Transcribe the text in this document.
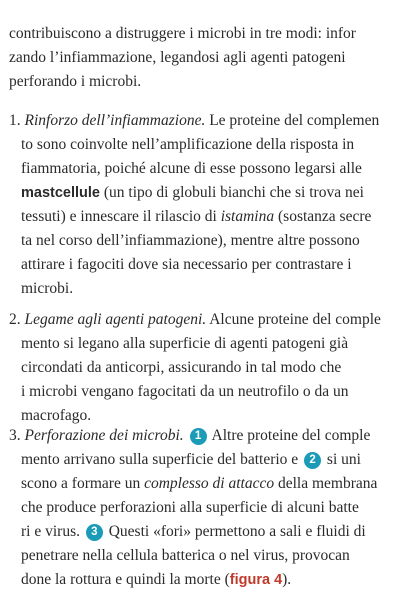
contribuiscono a distruggere i microbi in tre modi: infor
zando l’infiammazione, legandosi agli agenti patogeni
perforando i microbi.
1. Rinforzo dell’infiammazione. Le proteine del complemen
to sono coinvolte nell’amplificazione della risposta in
fiammatoria, poiché alcune di esse possono legarsi alle
mastcellule (un tipo di globuli bianchi che si trova nei
tessuti) e innescare il rilascio di istamina (sostanza secre
ta nel corso dell’infiammazione), mentre altre possono
attirare i fagociti dove sia necessario per contrastare i
microbi.
2. Legame agli agenti patogeni. Alcune proteine del comple
mento si legano alla superficie di agenti patogeni già
circondati da anticorpi, assicurando in tal modo che
i microbi vengano fagocitati da un neutrofilo o da un
macrofago.
3. Perforazione dei microbi. 1 Altre proteine del comple
mento arrivano sulla superficie del batterio e 2 si uni
scono a formare un complesso di attacco della membrana
che produce perforazioni alla superficie di alcuni batte
ri e virus. 3 Questi «fori» permettono a sali e fluidi di
penetrare nella cellula batterica o nel virus, provocan
done la rottura e quindi la morte (figura 4).
